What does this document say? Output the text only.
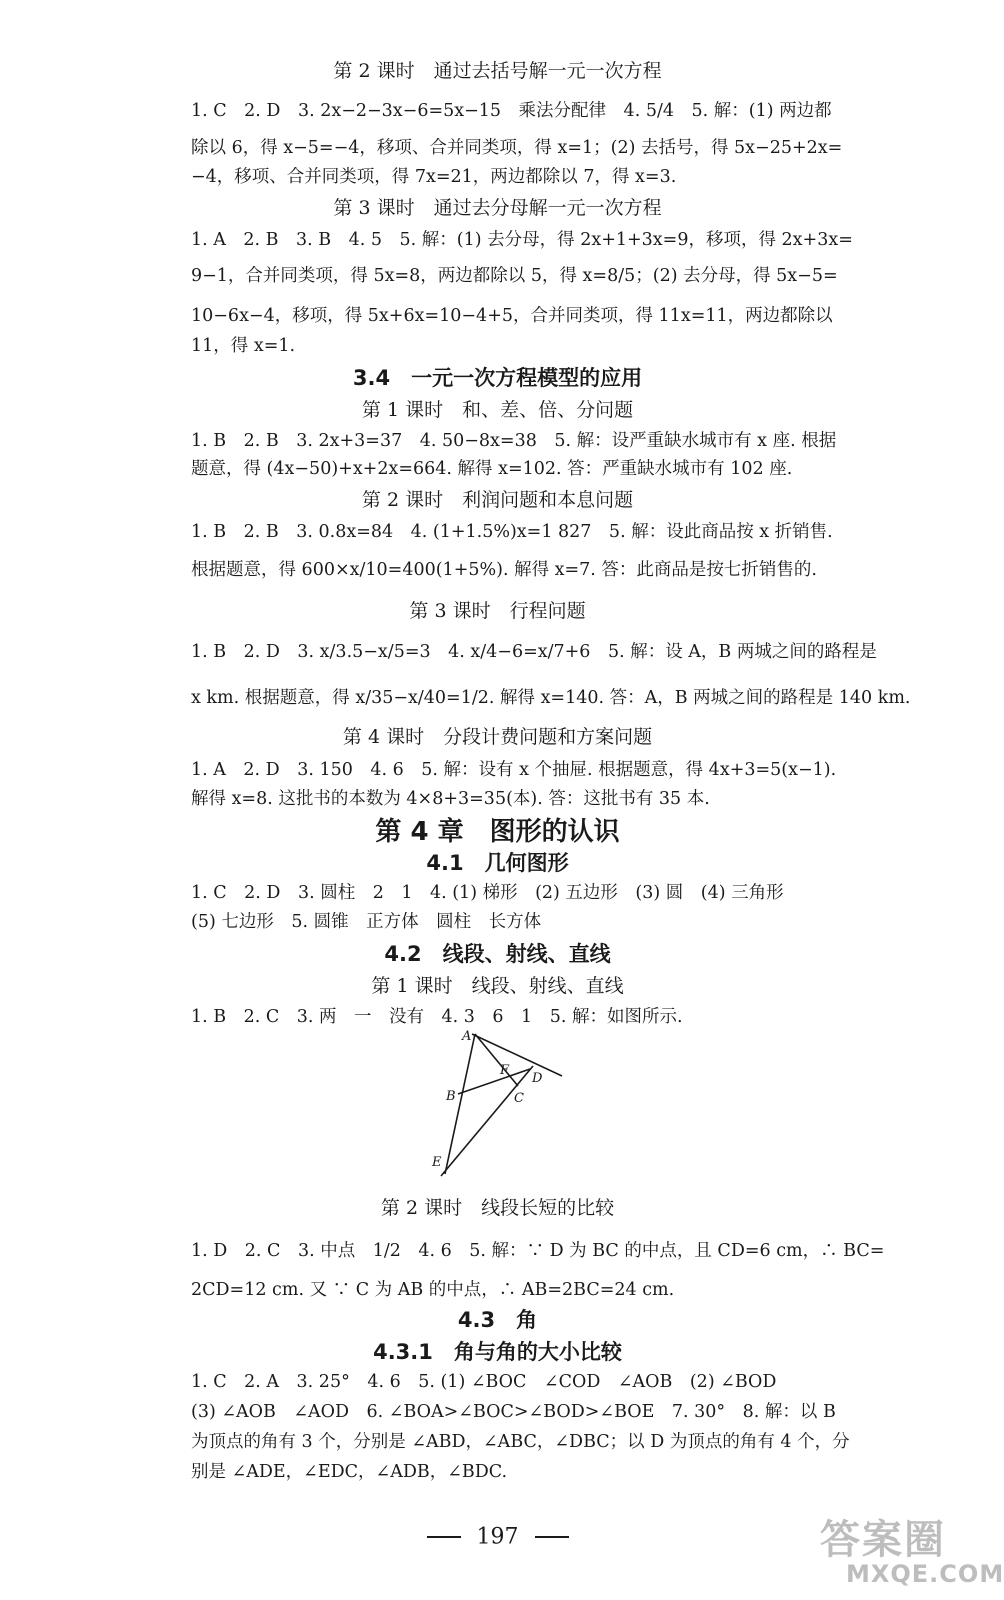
第 2 课时　通过去括号解一元一次方程
1. C　2. D　3. 2x−2−3x−6=5x−15　乘法分配律　4. 5/4　5. 解：(1) 两边都
除以 6，得 x−5=−4，移项、合并同类项，得 x=1；(2) 去括号，得 5x−25+2x=
−4，移项、合并同类项，得 7x=21，两边都除以 7，得 x=3.
第 3 课时　通过去分母解一元一次方程
1. A　2. B　3. B　4. 5　5. 解：(1) 去分母，得 2x+1+3x=9，移项，得 2x+3x=
9−1，合并同类项，得 5x=8，两边都除以 5，得 x=8/5；(2) 去分母，得 5x−5=
10−6x−4，移项，得 5x+6x=10−4+5，合并同类项，得 11x=11，两边都除以
11，得 x=1.
3.4　一元一次方程模型的应用
第 1 课时　和、差、倍、分问题
1. B　2. B　3. 2x+3=37　4. 50−8x=38　5. 解：设严重缺水城市有 x 座. 根据
题意，得 (4x−50)+x+2x=664. 解得 x=102. 答：严重缺水城市有 102 座.
第 2 课时　利润问题和本息问题
1. B　2. B　3. 0.8x=84　4. (1+1.5%)x=1 827　5. 解：设此商品按 x 折销售.
根据题意，得 600×x/10=400(1+5%). 解得 x=7. 答：此商品是按七折销售的.
第 3 课时　行程问题
1. B　2. D　3. x/3.5−x/5=3　4. x/4−6=x/7+6　5. 解：设 A，B 两城之间的路程是
x km. 根据题意，得 x/35−x/40=1/2. 解得 x=140. 答：A，B 两城之间的路程是 140 km.
第 4 课时　分段计费问题和方案问题
1. A　2. D　3. 150　4. 6　5. 解：设有 x 个抽屉. 根据题意，得 4x+3=5(x−1).
解得 x=8. 这批书的本数为 4×8+3=35(本). 答：这批书有 35 本.
第 4 章　图形的认识
4.1　几何图形
1. C　2. D　3. 圆柱　2　1　4. (1) 梯形　(2) 五边形　(3) 圆　(4) 三角形
(5) 七边形　5. 圆锥　正方体　圆柱　长方体
4.2　线段、射线、直线
第 1 课时　线段、射线、直线
1. B　2. C　3. 两　一　没有　4. 3　6　1　5. 解：如图所示.
第 2 课时　线段长短的比较
1. D　2. C　3. 中点　1/2　4. 6　5. 解：∵ D 为 BC 的中点，且 CD=6 cm，∴ BC=
2CD=12 cm. 又 ∵ C 为 AB 的中点，∴ AB=2BC=24 cm.
4.3　角
4.3.1　角与角的大小比较
1. C　2. A　3. 25°　4. 6　5. (1) ∠BOC　∠COD　∠AOB　(2) ∠BOD
(3) ∠AOB　∠AOD　6. ∠BOA>∠BOC>∠BOD>∠BOE　7. 30°　8. 解：以 B
为顶点的角有 3 个，分别是 ∠ABD，∠ABC，∠DBC；以 D 为顶点的角有 4 个，分
别是 ∠ADE，∠EDC，∠ADB，∠BDC.
A
B	C
D
E
F
197	答案圈
MXQE.COM
